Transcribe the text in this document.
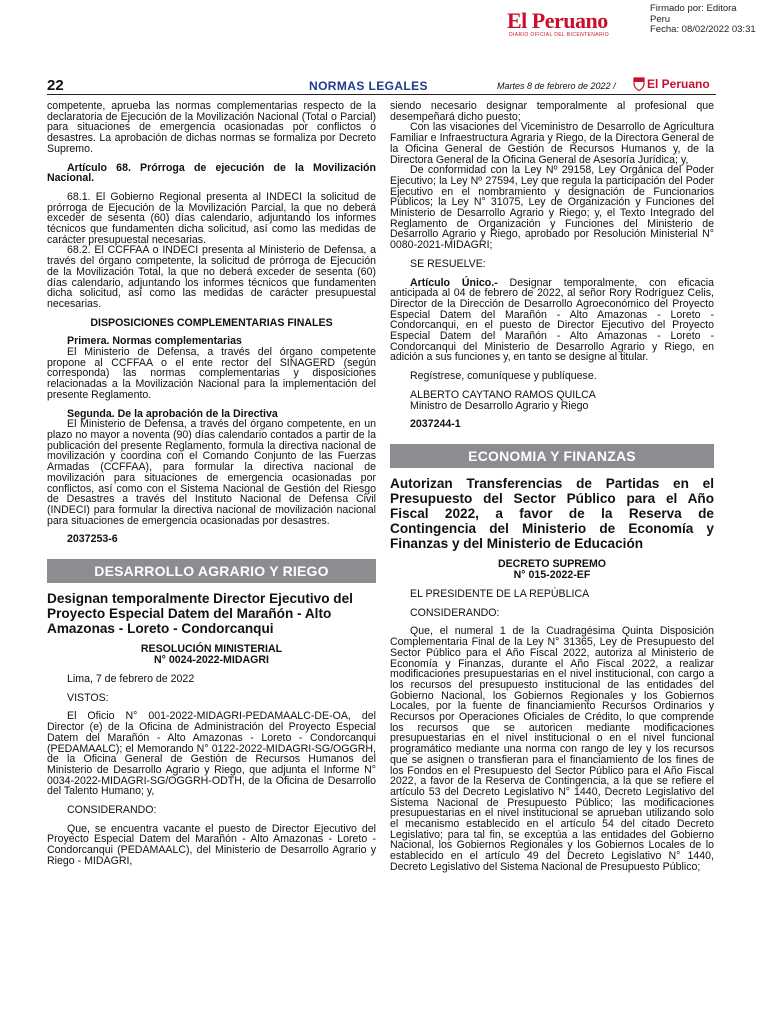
El Peruano
DIARIO OFICIAL DEL BICENTENARIO
Firmado por: Editora
Peru
Fecha: 08/02/2022 03:31
22	NORMAS LEGALES	Martes 8 de febrero de 2022 /	El Peruano

competente, aprueba las normas complementarias respecto de la declaratoria de Ejecución de la Movilización Nacional (Total o Parcial) para situaciones de emergencia ocasionadas por conflictos o desastres. La aprobación de dichas normas se formaliza por Decreto Supremo.

Artículo 68. Prórroga de ejecución de la Movilización Nacional.

68.1. El Gobierno Regional presenta al INDECI la solicitud de prórroga de Ejecución de la Movilización Parcial, la que no deberá exceder de sesenta (60) días calendario, adjuntando los informes técnicos que fundamenten dicha solicitud, así como las medidas de carácter presupuestal necesarias.

68.2. El CCFFAA o INDECI presenta al Ministerio de Defensa, a través del órgano competente, la solicitud de prórroga de Ejecución de la Movilización Total, la que no deberá exceder de sesenta (60) días calendario, adjuntando los informes técnicos que fundamenten dicha solicitud, así como las medidas de carácter presupuestal necesarias.

DISPOSICIONES COMPLEMENTARIAS FINALES

Primera. Normas complementarias

El Ministerio de Defensa, a través del órgano competente propone al CCFFAA o el ente rector del SINAGERD (según corresponda) las normas complementarias y disposiciones relacionadas a la Movilización Nacional para la implementación del presente Reglamento.

Segunda. De la aprobación de la Directiva

El Ministerio de Defensa, a través del órgano competente, en un plazo no mayor a noventa (90) días calendario contados a partir de la publicación del presente Reglamento, formula la directiva nacional de movilización y coordina con el Comando Conjunto de las Fuerzas Armadas (CCFFAA), para formular la directiva nacional de movilización para situaciones de emergencia ocasionadas por conflictos, así como con el Sistema Nacional de Gestión del Riesgo de Desastres a través del Instituto Nacional de Defensa Civil (INDECI) para formular la directiva nacional de movilización nacional para situaciones de emergencia ocasionadas por desastres.

2037253-6

DESARROLLO AGRARIO Y RIEGO

Designan temporalmente Director Ejecutivo del Proyecto Especial Datem del Marañón - Alto Amazonas - Loreto - Condorcanqui

RESOLUCIÓN MINISTERIAL

N° 0024-2022-MIDAGRI

Lima, 7 de febrero de 2022

VISTOS:

El Oficio N° 001-2022-MIDAGRI-PEDAMAALC-DE-OA, del Director (e) de la Oficina de Administración del Proyecto Especial Datem del Marañón - Alto Amazonas - Loreto - Condorcanqui (PEDAMAALC); el Memorando N° 0122-2022-MIDAGRI-SG/OGGRH, de la Oficina General de Gestión de Recursos Humanos del Ministerio de Desarrollo Agrario y Riego, que adjunta el Informe N° 0034-2022-MIDAGRI-SG/OGGRH-ODTH, de la Oficina de Desarrollo del Talento Humano; y,

CONSIDERANDO:

Que, se encuentra vacante el puesto de Director Ejecutivo del Proyecto Especial Datem del Marañón - Alto Amazonas - Loreto - Condorcanqui (PEDAMAALC), del Ministerio de Desarrollo Agrario y Riego - MIDAGRI,

siendo necesario designar temporalmente al profesional que desempeñará dicho puesto;

Con las visaciones del Viceministro de Desarrollo de Agricultura Familiar e Infraestructura Agraria y Riego, de la Directora General de la Oficina General de Gestión de Recursos Humanos y, de la Directora General de la Oficina General de Asesoría Jurídica; y,

De conformidad con la Ley Nº 29158, Ley Orgánica del Poder Ejecutivo; la Ley Nº 27594, Ley que regula la participación del Poder Ejecutivo en el nombramiento y designación de Funcionarios Públicos; la Ley N° 31075, Ley de Organización y Funciones del Ministerio de Desarrollo Agrario y Riego; y, el Texto Integrado del Reglamento de Organización y Funciones del Ministerio de Desarrollo Agrario y Riego, aprobado por Resolución Ministerial N° 0080-2021-MIDAGRI;

SE RESUELVE:

Artículo Único.- Designar temporalmente, con eficacia anticipada al 04 de febrero de 2022, al señor Rory Rodríguez Celis, Director de la Dirección de Desarrollo Agroeconómico del Proyecto Especial Datem del Marañón - Alto Amazonas - Loreto - Condorcanqui, en el puesto de Director Ejecutivo del Proyecto Especial Datem del Marañón - Alto Amazonas - Loreto - Condorcanqui del Ministerio de Desarrollo Agrario y Riego, en adición a sus funciones y, en tanto se designe al titular.

Regístrese, comuníquese y publíquese.

ALBERTO CAYTANO RAMOS QUILCA

Ministro de Desarrollo Agrario y Riego

2037244-1

ECONOMIA Y FINANZAS

Autorizan Transferencias de Partidas en el Presupuesto del Sector Público para el Año Fiscal 2022, a favor de la Reserva de Contingencia del Ministerio de Economía y Finanzas y del Ministerio de Educación

DECRETO SUPREMO

N° 015-2022-EF

EL PRESIDENTE DE LA REPÚBLICA

CONSIDERANDO:

Que, el numeral 1 de la Cuadragésima Quinta Disposición Complementaria Final de la Ley N° 31365, Ley de Presupuesto del Sector Público para el Año Fiscal 2022, autoriza al Ministerio de Economía y Finanzas, durante el Año Fiscal 2022, a realizar modificaciones presupuestarias en el nivel institucional, con cargo a los recursos del presupuesto institucional de las entidades del Gobierno Nacional, los Gobiernos Regionales y los Gobiernos Locales, por la fuente de financiamiento Recursos Ordinarios y Recursos por Operaciones Oficiales de Crédito, lo que comprende los recursos que se autoricen mediante modificaciones presupuestarias en el nivel institucional o en el nivel funcional programático mediante una norma con rango de ley y los recursos que se asignen o transfieran para el financiamiento de los fines de los Fondos en el Presupuesto del Sector Público para el Año Fiscal 2022, a favor de la Reserva de Contingencia, a la que se refiere el artículo 53 del Decreto Legislativo N° 1440, Decreto Legislativo del Sistema Nacional de Presupuesto Público; las modificaciones presupuestarias en el nivel institucional se aprueban utilizando solo el mecanismo establecido en el artículo 54 del citado Decreto Legislativo; para tal fin, se exceptúa a las entidades del Gobierno Nacional, los Gobiernos Regionales y los Gobiernos Locales de lo establecido en el artículo 49 del Decreto Legislativo N° 1440, Decreto Legislativo del Sistema Nacional de Presupuesto Público;
